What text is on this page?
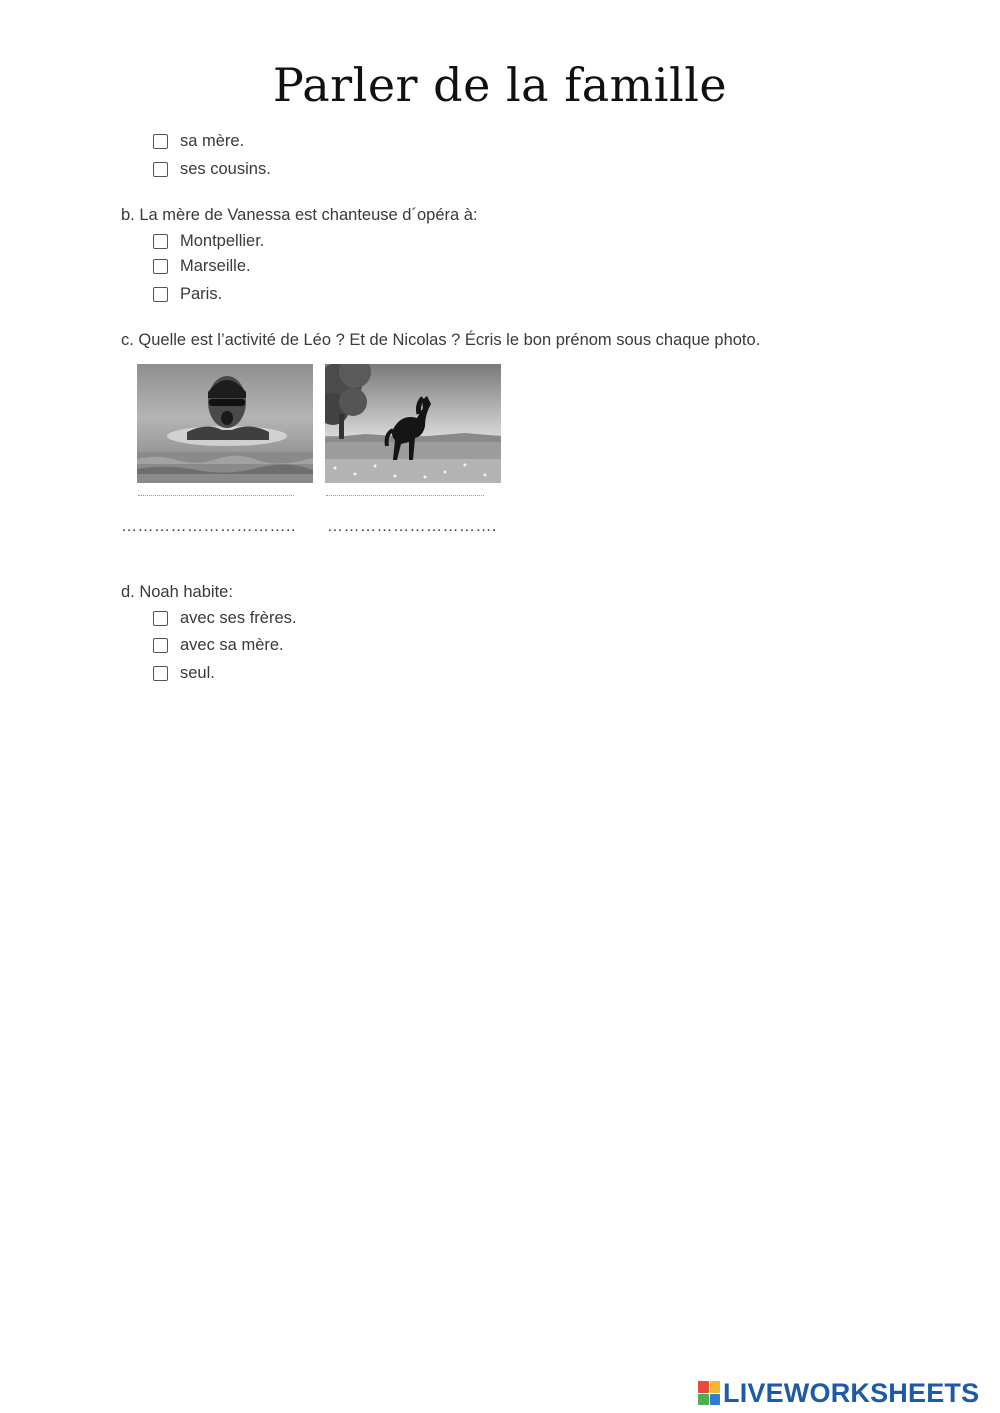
Parler de la famille
sa mère.
ses cousins.
b. La mère de Vanessa est chanteuse d´opéra à:
Montpellier.
Marseille.
Paris.
c. Quelle est l’activité de Léo ? Et de Nicolas ? Écris le bon prénom sous chaque photo.
………………………….. ………………………….
d. Noah habite:
avec ses frères.
avec sa mère.
seul.
LIVEWORKSHEETS
